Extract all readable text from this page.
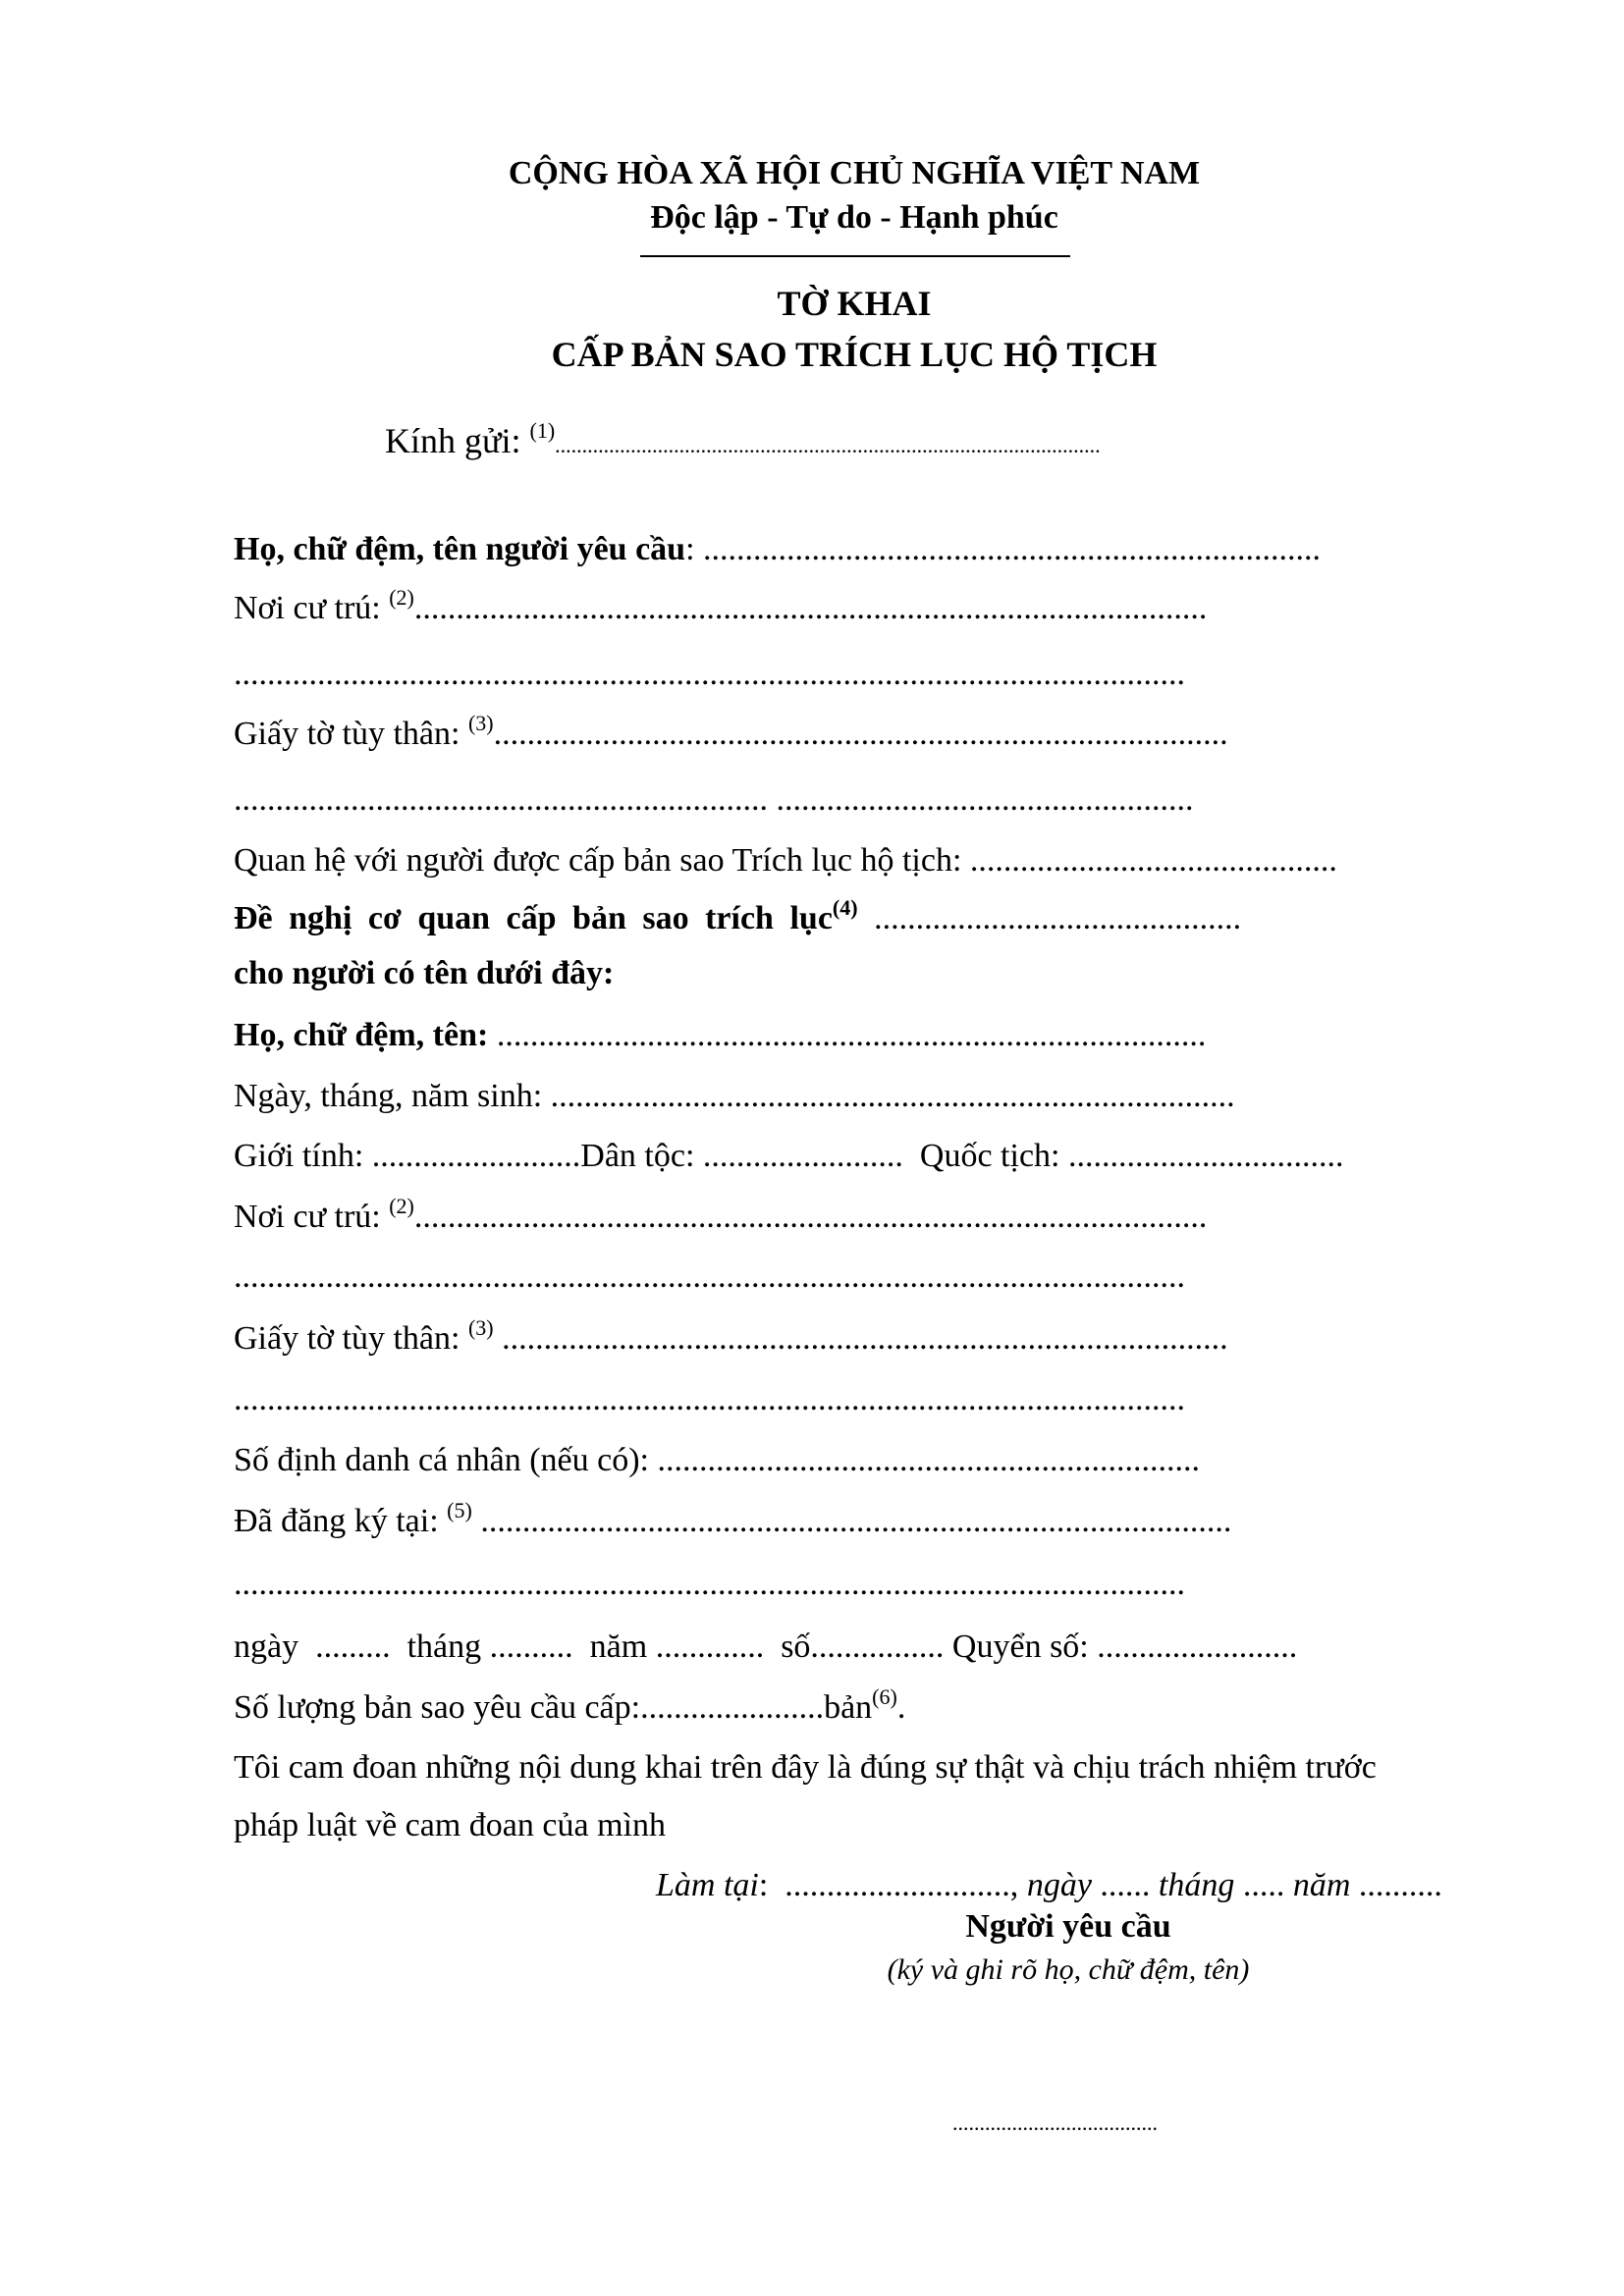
CỘNG HÒA XÃ HỘI CHỦ NGHĨA VIỆT NAM
Độc lập - Tự do - Hạnh phúc
TỜ KHAI
CẤP BẢN SAO TRÍCH LỤC HỘ TỊCH
Kính gửi: $^{(1)}$.....................................................................................................
Họ, chữ đệm, tên người yêu cầu: ..........................................................................
Nơi cư trú: $^{(2)}$...............................................................................................
..................................................................................................................
Giấy tờ tùy thân: $^{(3)}$........................................................................................
................................................................ ..................................................
Quan hệ với người được cấp bản sao Trích lục hộ tịch: ............................................
Đề nghị cơ quan cấp bản sao trích lục$^{(4)}$ ............................................
cho người có tên dưới đây:
Họ, chữ đệm, tên: .....................................................................................
Ngày, tháng, năm sinh: ..................................................................................
Giới tính: .........................Dân tộc: ........................ Quốc tịch: .................................
Nơi cư trú: $^{(2)}$...............................................................................................
..................................................................................................................
Giấy tờ tùy thân: $^{(3)}$ .......................................................................................
..................................................................................................................
Số định danh cá nhân (nếu có): .................................................................
Đã đăng ký tại: $^{(5)}$ ..........................................................................................
..................................................................................................................
ngày ......... tháng .......... năm ............. số................ Quyển số: ........................
Số lượng bản sao yêu cầu cấp:......................bản$^{(6)}$.
Tôi cam đoan những nội dung khai trên đây là đúng sự thật và chịu trách nhiệm trước
pháp luật về cam đoan của mình
Làm tại:  ..........................., ngày ...... tháng ..... năm ..........
Người yêu cầu
(ký và ghi rõ họ, chữ đệm, tên)
......................................
